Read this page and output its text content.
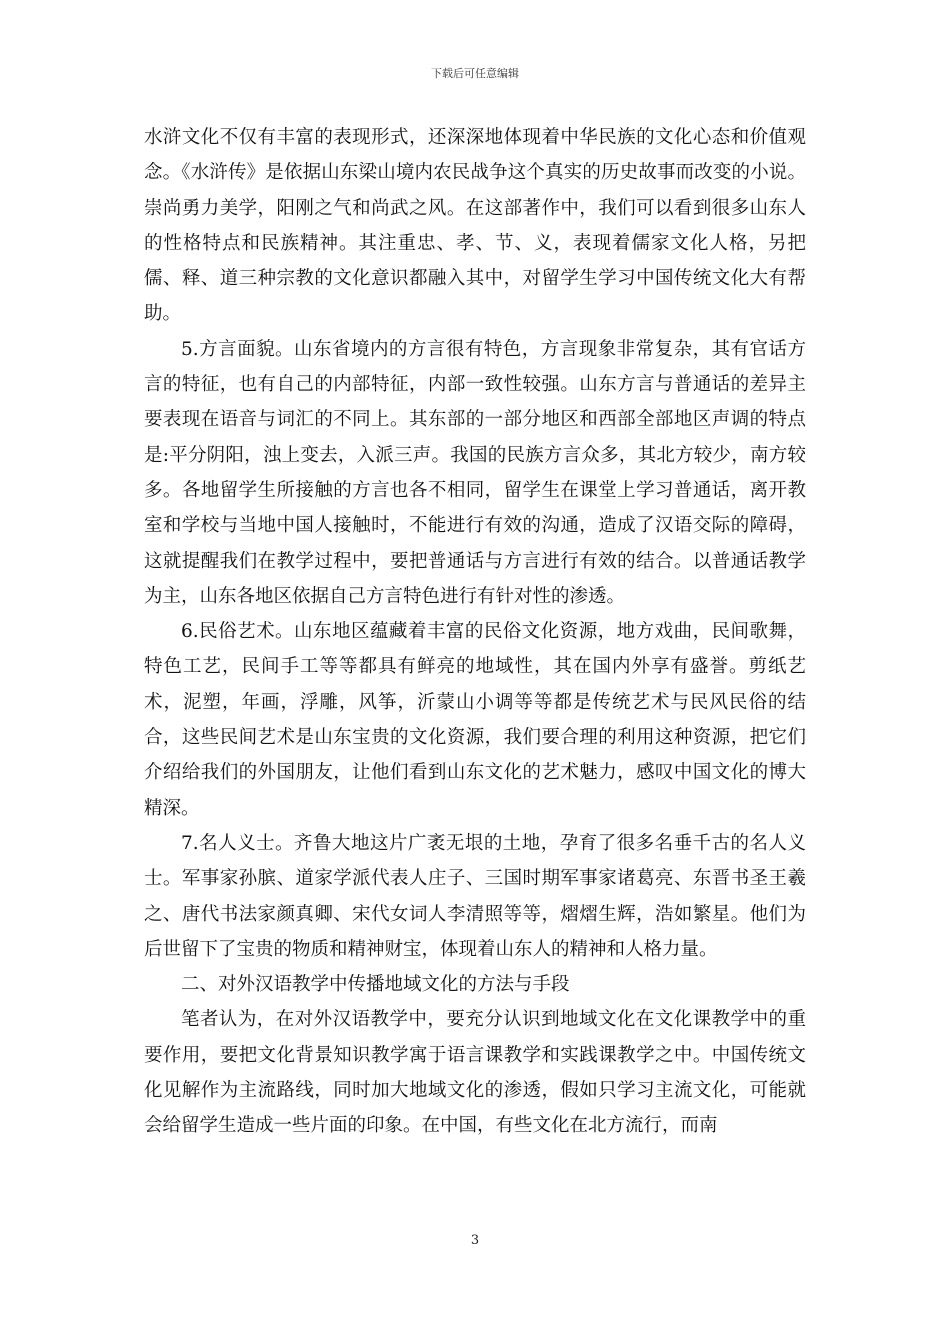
下载后可任意编辑

水浒文化不仅有丰富的表现形式，还深深地体现着中华民族的文化心态和价值观念。《水浒传》是依据山东梁山境内农民战争这个真实的历史故事而改变的小说。崇尚勇力美学，阳刚之气和尚武之风。在这部著作中，我们可以看到很多山东人的性格特点和民族精神。其注重忠、孝、节、义，表现着儒家文化人格，另把儒、释、道三种宗教的文化意识都融入其中，对留学生学习中国传统文化大有帮助。

5.方言面貌。山东省境内的方言很有特色，方言现象非常复杂，其有官话方言的特征，也有自己的内部特征，内部一致性较强。山东方言与普通话的差异主要表现在语音与词汇的不同上。其东部的一部分地区和西部全部地区声调的特点是:平分阴阳，浊上变去，入派三声。我国的民族方言众多，其北方较少，南方较多。各地留学生所接触的方言也各不相同，留学生在课堂上学习普通话，离开教室和学校与当地中国人接触时，不能进行有效的沟通，造成了汉语交际的障碍，这就提醒我们在教学过程中，要把普通话与方言进行有效的结合。以普通话教学为主，山东各地区依据自己方言特色进行有针对性的渗透。

6.民俗艺术。山东地区蕴藏着丰富的民俗文化资源，地方戏曲，民间歌舞，特色工艺，民间手工等等都具有鲜亮的地域性，其在国内外享有盛誉。剪纸艺术，泥塑，年画，浮雕，风筝，沂蒙山小调等等都是传统艺术与民风民俗的结合，这些民间艺术是山东宝贵的文化资源，我们要合理的利用这种资源，把它们介绍给我们的外国朋友，让他们看到山东文化的艺术魅力，感叹中国文化的博大精深。

7.名人义士。齐鲁大地这片广袤无垠的土地，孕育了很多名垂千古的名人义士。军事家孙膑、道家学派代表人庄子、三国时期军事家诸葛亮、东晋书圣王羲之、唐代书法家颜真卿、宋代女词人李清照等等，熠熠生辉，浩如繁星。他们为后世留下了宝贵的物质和精神财宝，体现着山东人的精神和人格力量。

二、对外汉语教学中传播地域文化的方法与手段

笔者认为，在对外汉语教学中，要充分认识到地域文化在文化课教学中的重要作用，要把文化背景知识教学寓于语言课教学和实践课教学之中。中国传统文化见解作为主流路线，同时加大地域文化的渗透，假如只学习主流文化，可能就会给留学生造成一些片面的印象。在中国，有些文化在北方流行，而南

3
